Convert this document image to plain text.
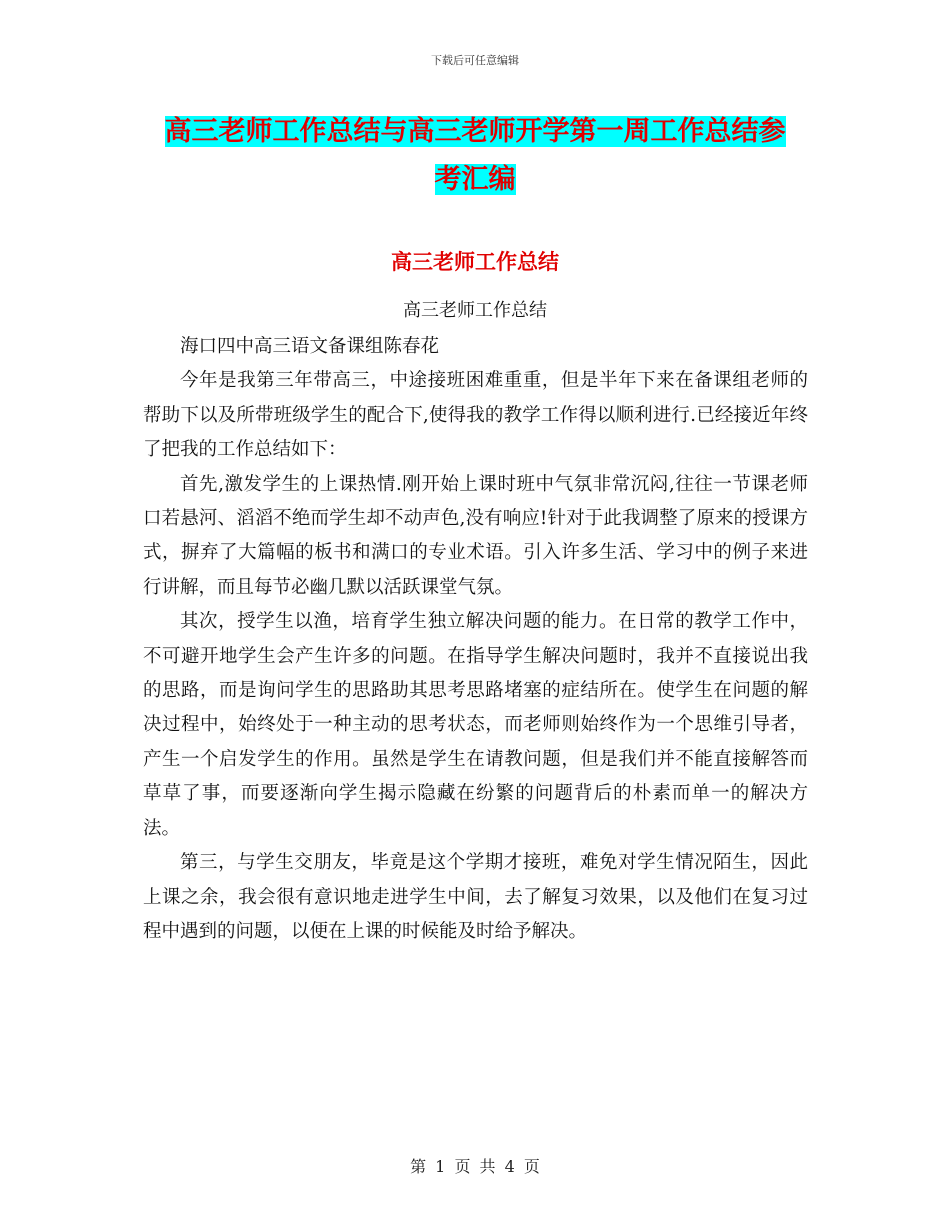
下载后可任意编辑
高三老师工作总结与高三老师开学第一周工作总结参
考汇编
高三老师工作总结
高三老师工作总结

海口四中高三语文备课组陈春花

今年是我第三年带高三，中途接班困难重重，但是半年下来在备课组老师的帮助下以及所带班级学生的配合下,使得我的教学工作得以顺利进行.已经接近年终了把我的工作总结如下：

首先,激发学生的上课热情.刚开始上课时班中气氛非常沉闷,往往一节课老师口若悬河、滔滔不绝而学生却不动声色,没有响应!针对于此我调整了原来的授课方式，摒弃了大篇幅的板书和满口的专业术语。引入许多生活、学习中的例子来进行讲解，而且每节必幽几默以活跃课堂气氛。

其次，授学生以渔，培育学生独立解决问题的能力。在日常的教学工作中，不可避开地学生会产生许多的问题。在指导学生解决问题时，我并不直接说出我的思路，而是询问学生的思路助其思考思路堵塞的症结所在。使学生在问题的解决过程中，始终处于一种主动的思考状态，而老师则始终作为一个思维引导者，产生一个启发学生的作用。虽然是学生在请教问题，但是我们并不能直接解答而草草了事，而要逐渐向学生揭示隐藏在纷繁的问题背后的朴素而单一的解决方法。

第三，与学生交朋友，毕竟是这个学期才接班，难免对学生情况陌生，因此上课之余，我会很有意识地走进学生中间，去了解复习效果，以及他们在复习过程中遇到的问题，以便在上课的时候能及时给予解决。

第 1 页 共 4 页
